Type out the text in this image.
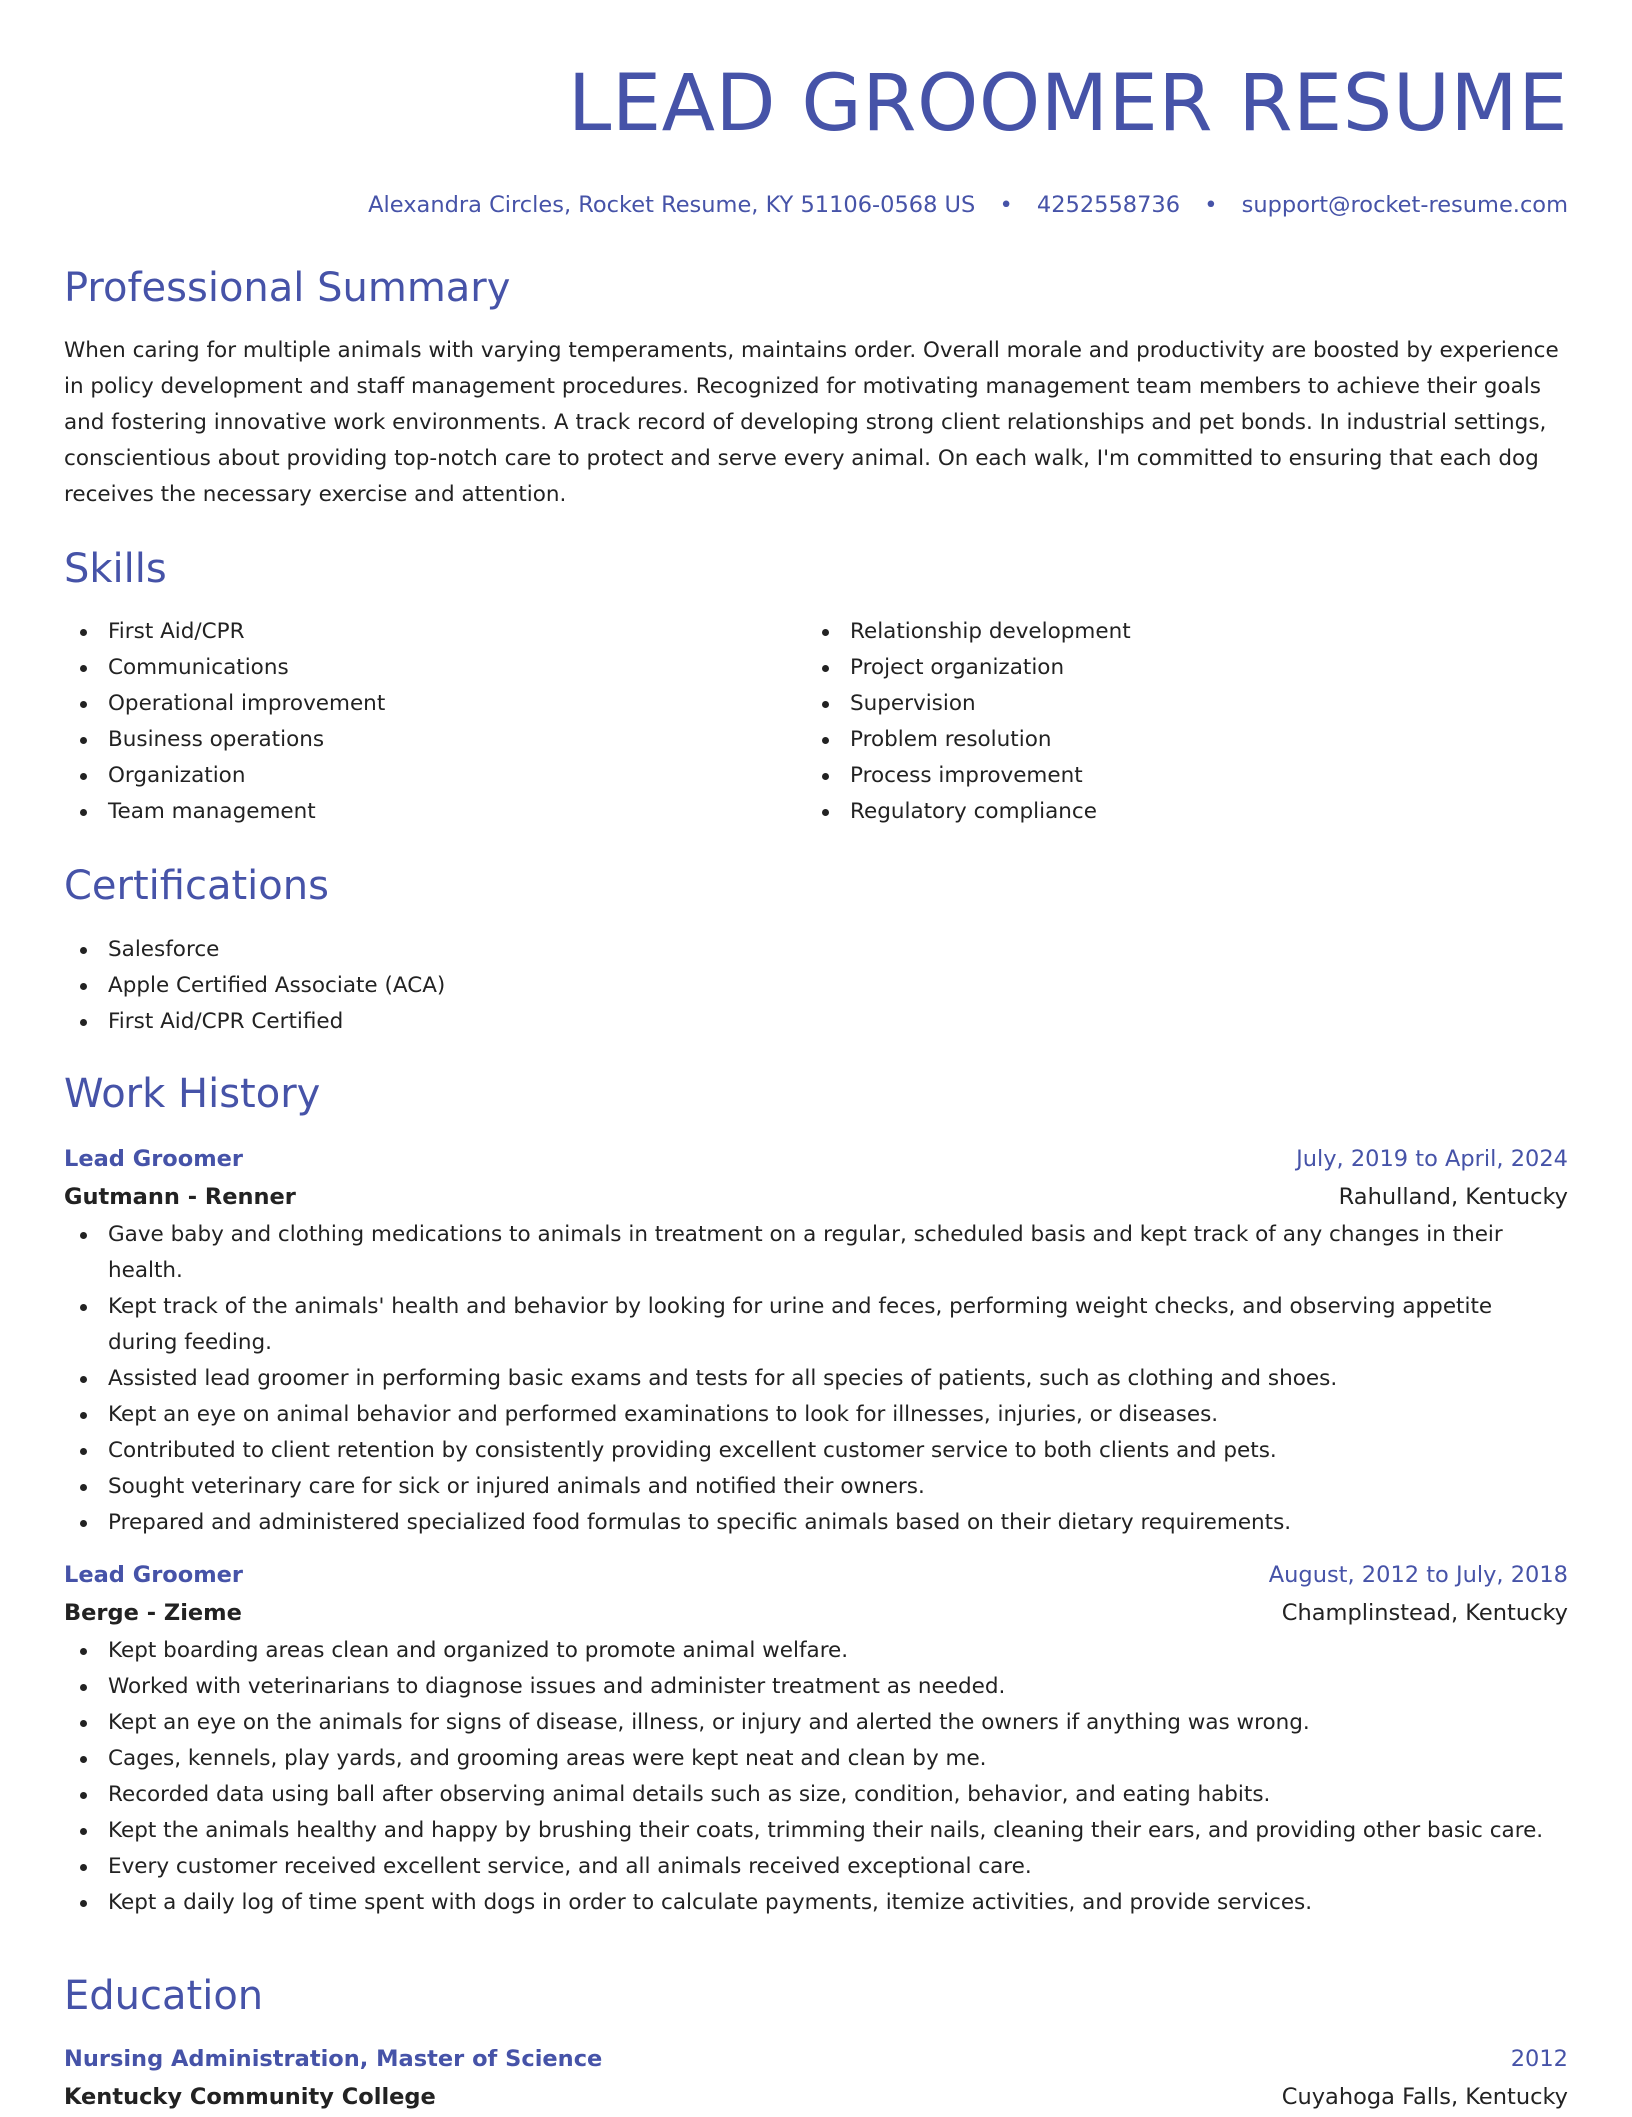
LEAD GROOMER RESUME
Alexandra Circles, Rocket Resume, KY 51106-0568 US • 4252558736 • support@rocket-resume.com
Professional Summary
When caring for multiple animals with varying temperaments, maintains order. Overall morale and productivity are boosted by experience in policy development and staff management procedures. Recognized for motivating management team members to achieve their goals and fostering innovative work environments. A track record of developing strong client relationships and pet bonds. In industrial settings, conscientious about providing top-notch care to protect and serve every animal. On each walk, I'm committed to ensuring that each dog receives the necessary exercise and attention.
Skills
First Aid/CPR
Communications
Operational improvement
Business operations
Organization
Team management
Relationship development
Project organization
Supervision
Problem resolution
Process improvement
Regulatory compliance
Certifications
Salesforce
Apple Certified Associate (ACA)
First Aid/CPR Certified
Work History
Lead Groomer	July, 2019 to April, 2024
Gutmann - Renner	Rahulland, Kentucky
Gave baby and clothing medications to animals in treatment on a regular, scheduled basis and kept track of any changes in their health.
Kept track of the animals' health and behavior by looking for urine and feces, performing weight checks, and observing appetite during feeding.
Assisted lead groomer in performing basic exams and tests for all species of patients, such as clothing and shoes.
Kept an eye on animal behavior and performed examinations to look for illnesses, injuries, or diseases.
Contributed to client retention by consistently providing excellent customer service to both clients and pets.
Sought veterinary care for sick or injured animals and notified their owners.
Prepared and administered specialized food formulas to specific animals based on their dietary requirements.
Lead Groomer	August, 2012 to July, 2018
Berge - Zieme	Champlinstead, Kentucky
Kept boarding areas clean and organized to promote animal welfare.
Worked with veterinarians to diagnose issues and administer treatment as needed.
Kept an eye on the animals for signs of disease, illness, or injury and alerted the owners if anything was wrong.
Cages, kennels, play yards, and grooming areas were kept neat and clean by me.
Recorded data using ball after observing animal details such as size, condition, behavior, and eating habits.
Kept the animals healthy and happy by brushing their coats, trimming their nails, cleaning their ears, and providing other basic care.
Every customer received excellent service, and all animals received exceptional care.
Kept a daily log of time spent with dogs in order to calculate payments, itemize activities, and provide services.
Education
Nursing Administration, Master of Science	2012
Kentucky Community College	Cuyahoga Falls, Kentucky
